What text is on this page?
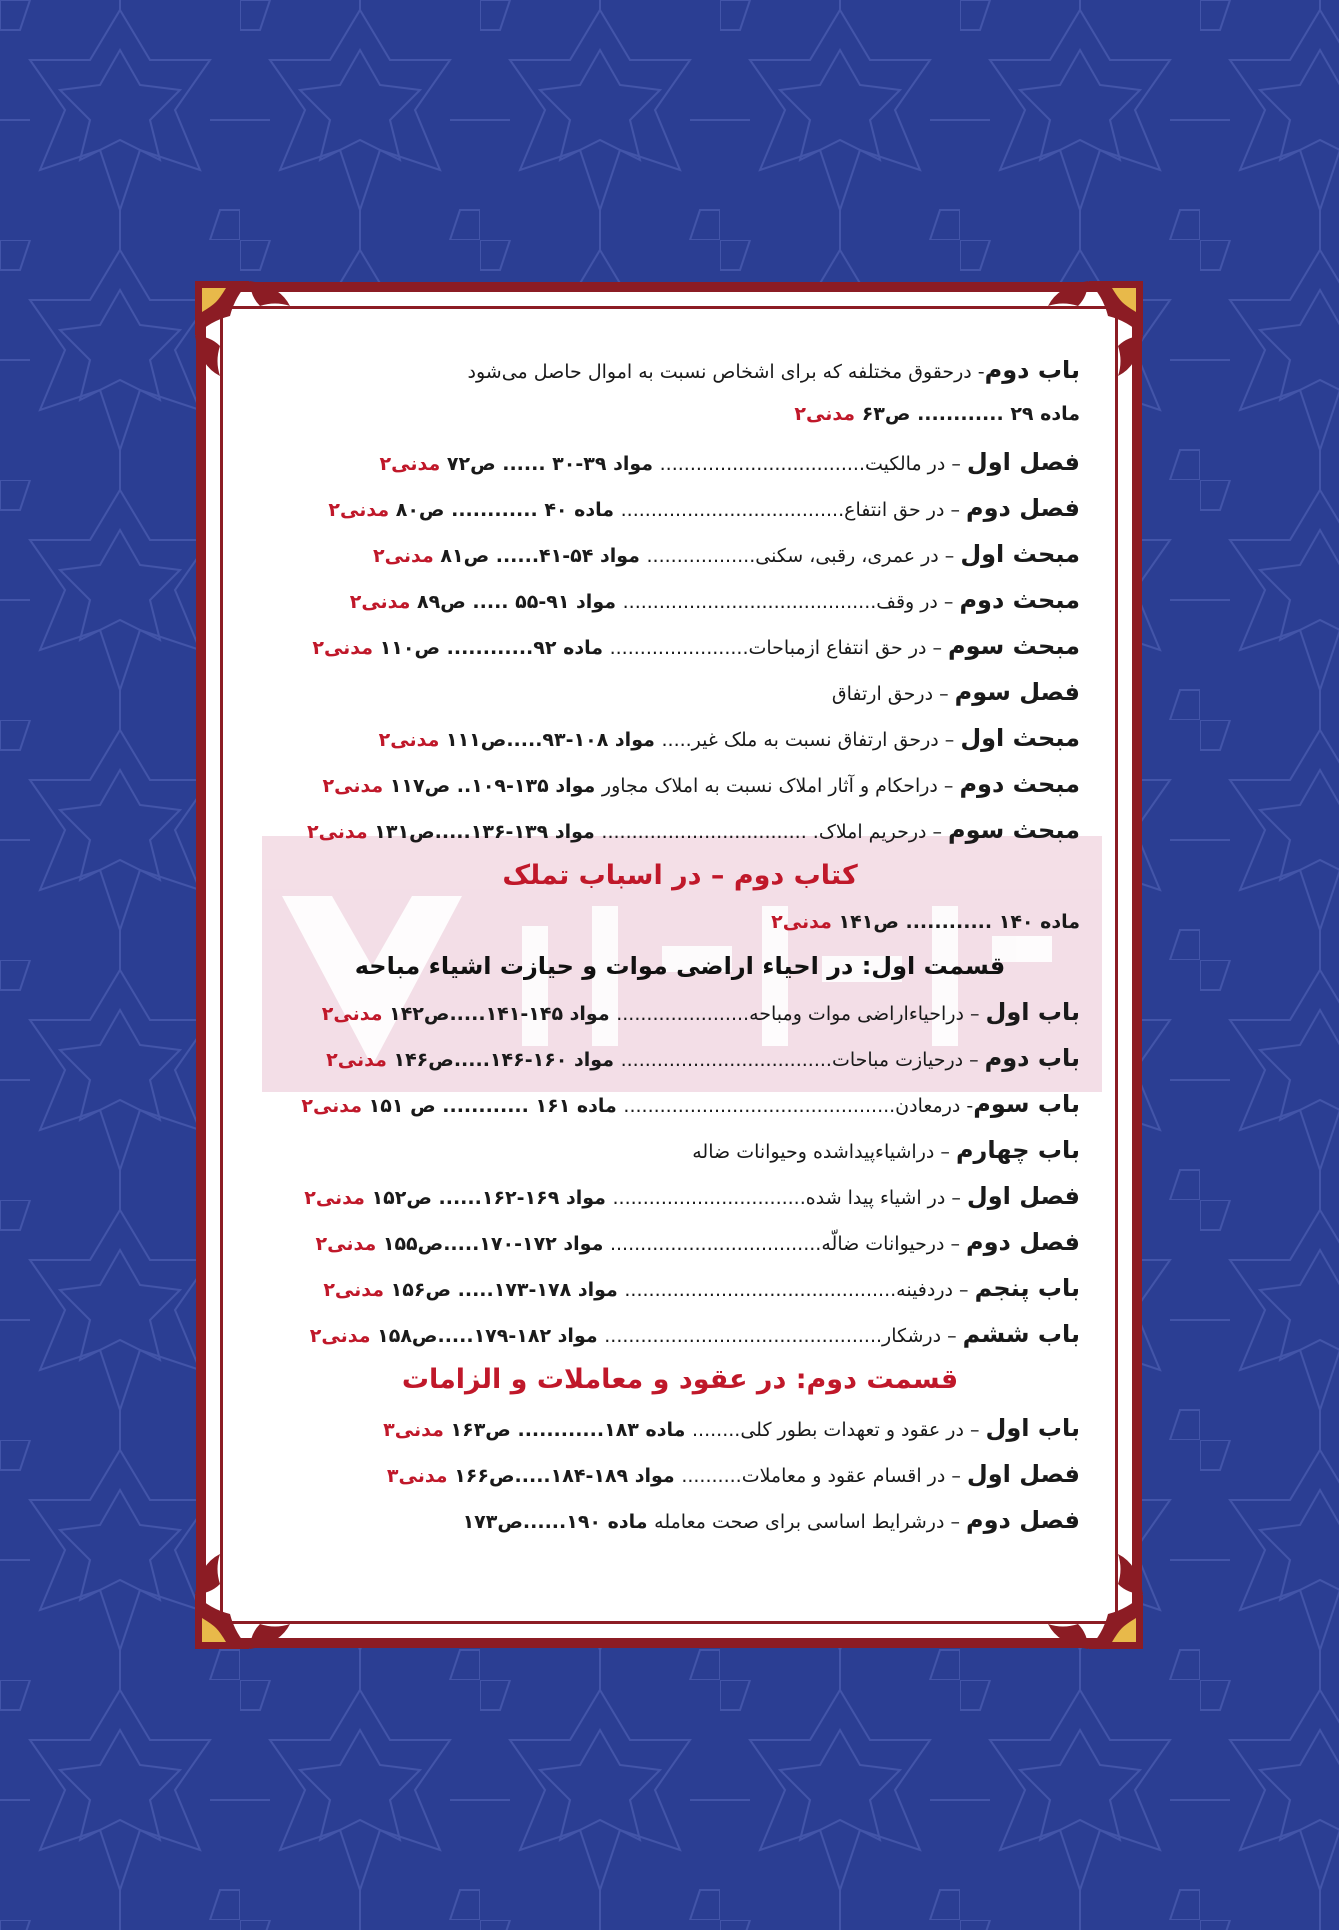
باب دوم- درحقوق مختلفه که برای اشخاص نسبت به اموال حاصل می‌شود
ماده ۲۹ ............ ص۶۳ مدنی۲
فصل اول – در مالکیت.................................. مواد ۳۹-۳۰ ...... ص۷۲ مدنی۲
فصل دوم – در حق انتفاع..................................... ماده ۴۰ ............ ص۸۰ مدنی۲
مبحث اول – در عمری، رقبی، سکنی.................. مواد ۵۴-۴۱...... ص۸۱ مدنی۲
مبحث دوم – در وقف.......................................... مواد ۹۱-۵۵ ..... ص۸۹ مدنی۲
مبحث سوم – در حق انتفاع ازمباحات....................... ماده ۹۲............ ص۱۱۰ مدنی۲
فصل سوم – درحق ارتفاق
مبحث اول – درحق ارتفاق نسبت به ملک غیر..... مواد ۱۰۸-۹۳.....ص۱۱۱ مدنی۲
مبحث دوم – دراحکام و آثار املاک نسبت به املاک مجاور مواد ۱۳۵-۱۰۹.. ص۱۱۷ مدنی۲
مبحث سوم – درحریم املاک. .................................. مواد ۱۳۹-۱۳۶.....ص۱۳۱ مدنی۲
کتاب دوم – در اسباب تملک
ماده ۱۴۰ ............ ص۱۴۱ مدنی۲
قسمت اول: در احیاء اراضی موات و حیازت اشیاء مباحه
باب اول – دراحیاءاراضی موات ومباحه...................... مواد ۱۴۵-۱۴۱.....ص۱۴۲ مدنی۲
باب دوم – درحیازت مباحات................................... مواد ۱۶۰-۱۴۶.....ص۱۴۶ مدنی۲
باب سوم- درمعادن............................................. ماده ۱۶۱ ............ ص ۱۵۱ مدنی۲
باب چهارم – دراشیاءپیداشده وحیوانات ضاله
فصل اول – در اشیاء پیدا شده................................ مواد ۱۶۹-۱۶۲...... ص۱۵۲ مدنی۲
فصل دوم – درحیوانات ضالّه................................... مواد ۱۷۲-۱۷۰.....ص۱۵۵ مدنی۲
باب پنجم – دردفینه............................................. مواد ۱۷۸-۱۷۳..... ص۱۵۶ مدنی۲
باب ششم – درشکار.............................................. مواد ۱۸۲-۱۷۹.....ص۱۵۸ مدنی۲
قسمت دوم: در عقود و معاملات و الزامات
باب اول – در عقود و تعهدات بطور کلی........ ماده ۱۸۳............ ص۱۶۳ مدنی۳
فصل اول – در اقسام عقود و معاملات.......... مواد ۱۸۹-۱۸۴.....ص۱۶۶ مدنی۳
فصل دوم – درشرایط اساسی برای صحت معامله ماده ۱۹۰......ص۱۷۳
